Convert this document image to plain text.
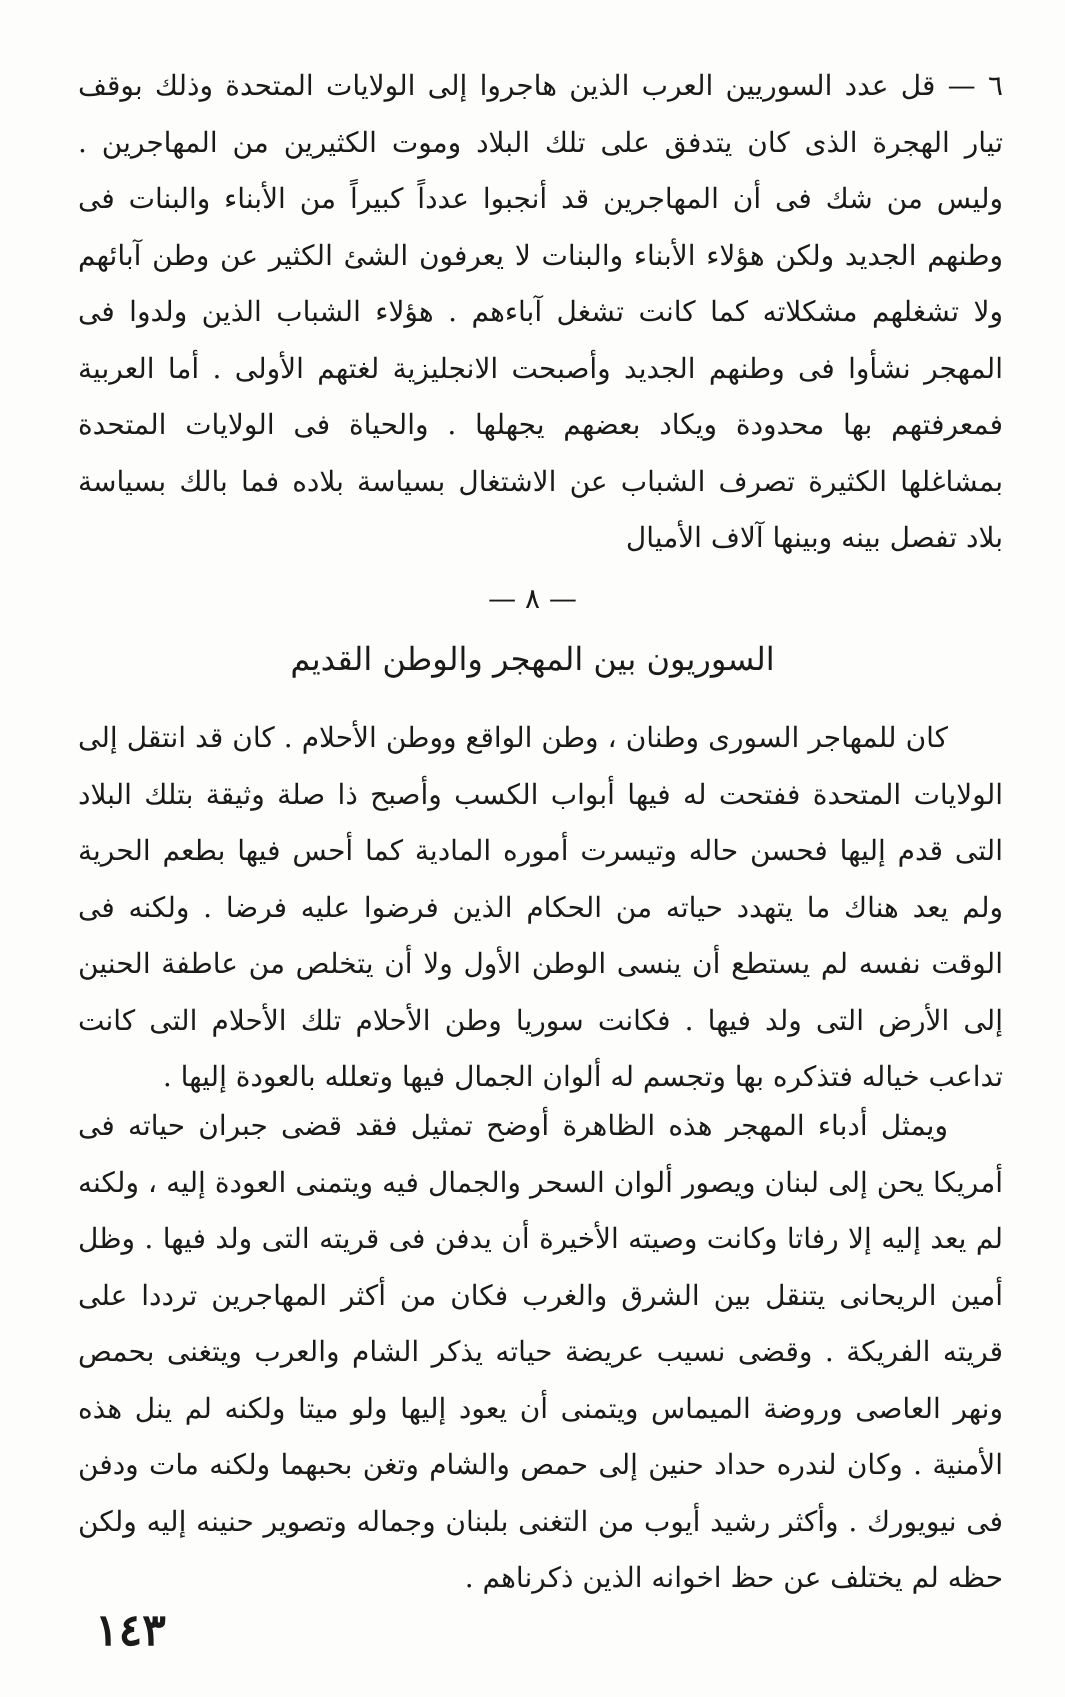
٦ — قل عدد السوريين العرب الذين هاجروا إلى الولايات المتحدة وذلك بوقف تيار الهجرة الذى كان يتدفق على تلك البلاد وموت الكثيرين من المهاجرين . وليس من شك فى أن المهاجرين قد أنجبوا عدداً كبيراً من الأبناء والبنات فى وطنهم الجديد ولكن هؤلاء الأبناء والبنات لا يعرفون الشئ الكثير عن وطن آبائهم ولا تشغلهم مشكلاته كما كانت تشغل آباءهم . هؤلاء الشباب الذين ولدوا فى المهجر نشأوا فى وطنهم الجديد وأصبحت الانجليزية لغتهم الأولى . أما العربية فمعرفتهم بها محدودة ويكاد بعضهم يجهلها . والحياة فى الولايات المتحدة بمشاغلها الكثيرة تصرف الشباب عن الاشتغال بسياسة بلاده فما بالك بسياسة بلاد تفصل بينه وبينها آلاف الأميال

— ٨ —
السوريون بين المهجر والوطن القديم

كان للمهاجر السورى وطنان ، وطن الواقع ووطن الأحلام . كان قد انتقل إلى الولايات المتحدة ففتحت له فيها أبواب الكسب وأصبح ذا صلة وثيقة بتلك البلاد التى قدم إليها فحسن حاله وتيسرت أموره المادية كما أحس فيها بطعم الحرية ولم يعد هناك ما يتهدد حياته من الحكام الذين فرضوا عليه فرضا . ولكنه فى الوقت نفسه لم يستطع أن ينسى الوطن الأول ولا أن يتخلص من عاطفة الحنين إلى الأرض التى ولد فيها . فكانت سوريا وطن الأحلام تلك الأحلام التى كانت تداعب خياله فتذكره بها وتجسم له ألوان الجمال فيها وتعلله بالعودة إليها .

ويمثل أدباء المهجر هذه الظاهرة أوضح تمثيل فقد قضى جبران حياته فى أمريكا يحن إلى لبنان ويصور ألوان السحر والجمال فيه ويتمنى العودة إليه ، ولكنه لم يعد إليه إلا رفاتا وكانت وصيته الأخيرة أن يدفن فى قريته التى ولد فيها . وظل أمين الريحانى يتنقل بين الشرق والغرب فكان من أكثر المهاجرين ترددا على قريته الفريكة . وقضى نسيب عريضة حياته يذكر الشام والعرب ويتغنى بحمص ونهر العاصى وروضة الميماس ويتمنى أن يعود إليها ولو ميتا ولكنه لم ينل هذه الأمنية . وكان لندره حداد حنين إلى حمص والشام وتغن بحبهما ولكنه مات ودفن فى نيويورك . وأكثر رشيد أيوب من التغنى بلبنان وجماله وتصوير حنينه إليه ولكن حظه لم يختلف عن حظ اخوانه الذين ذكرناهم .

١٤٣
